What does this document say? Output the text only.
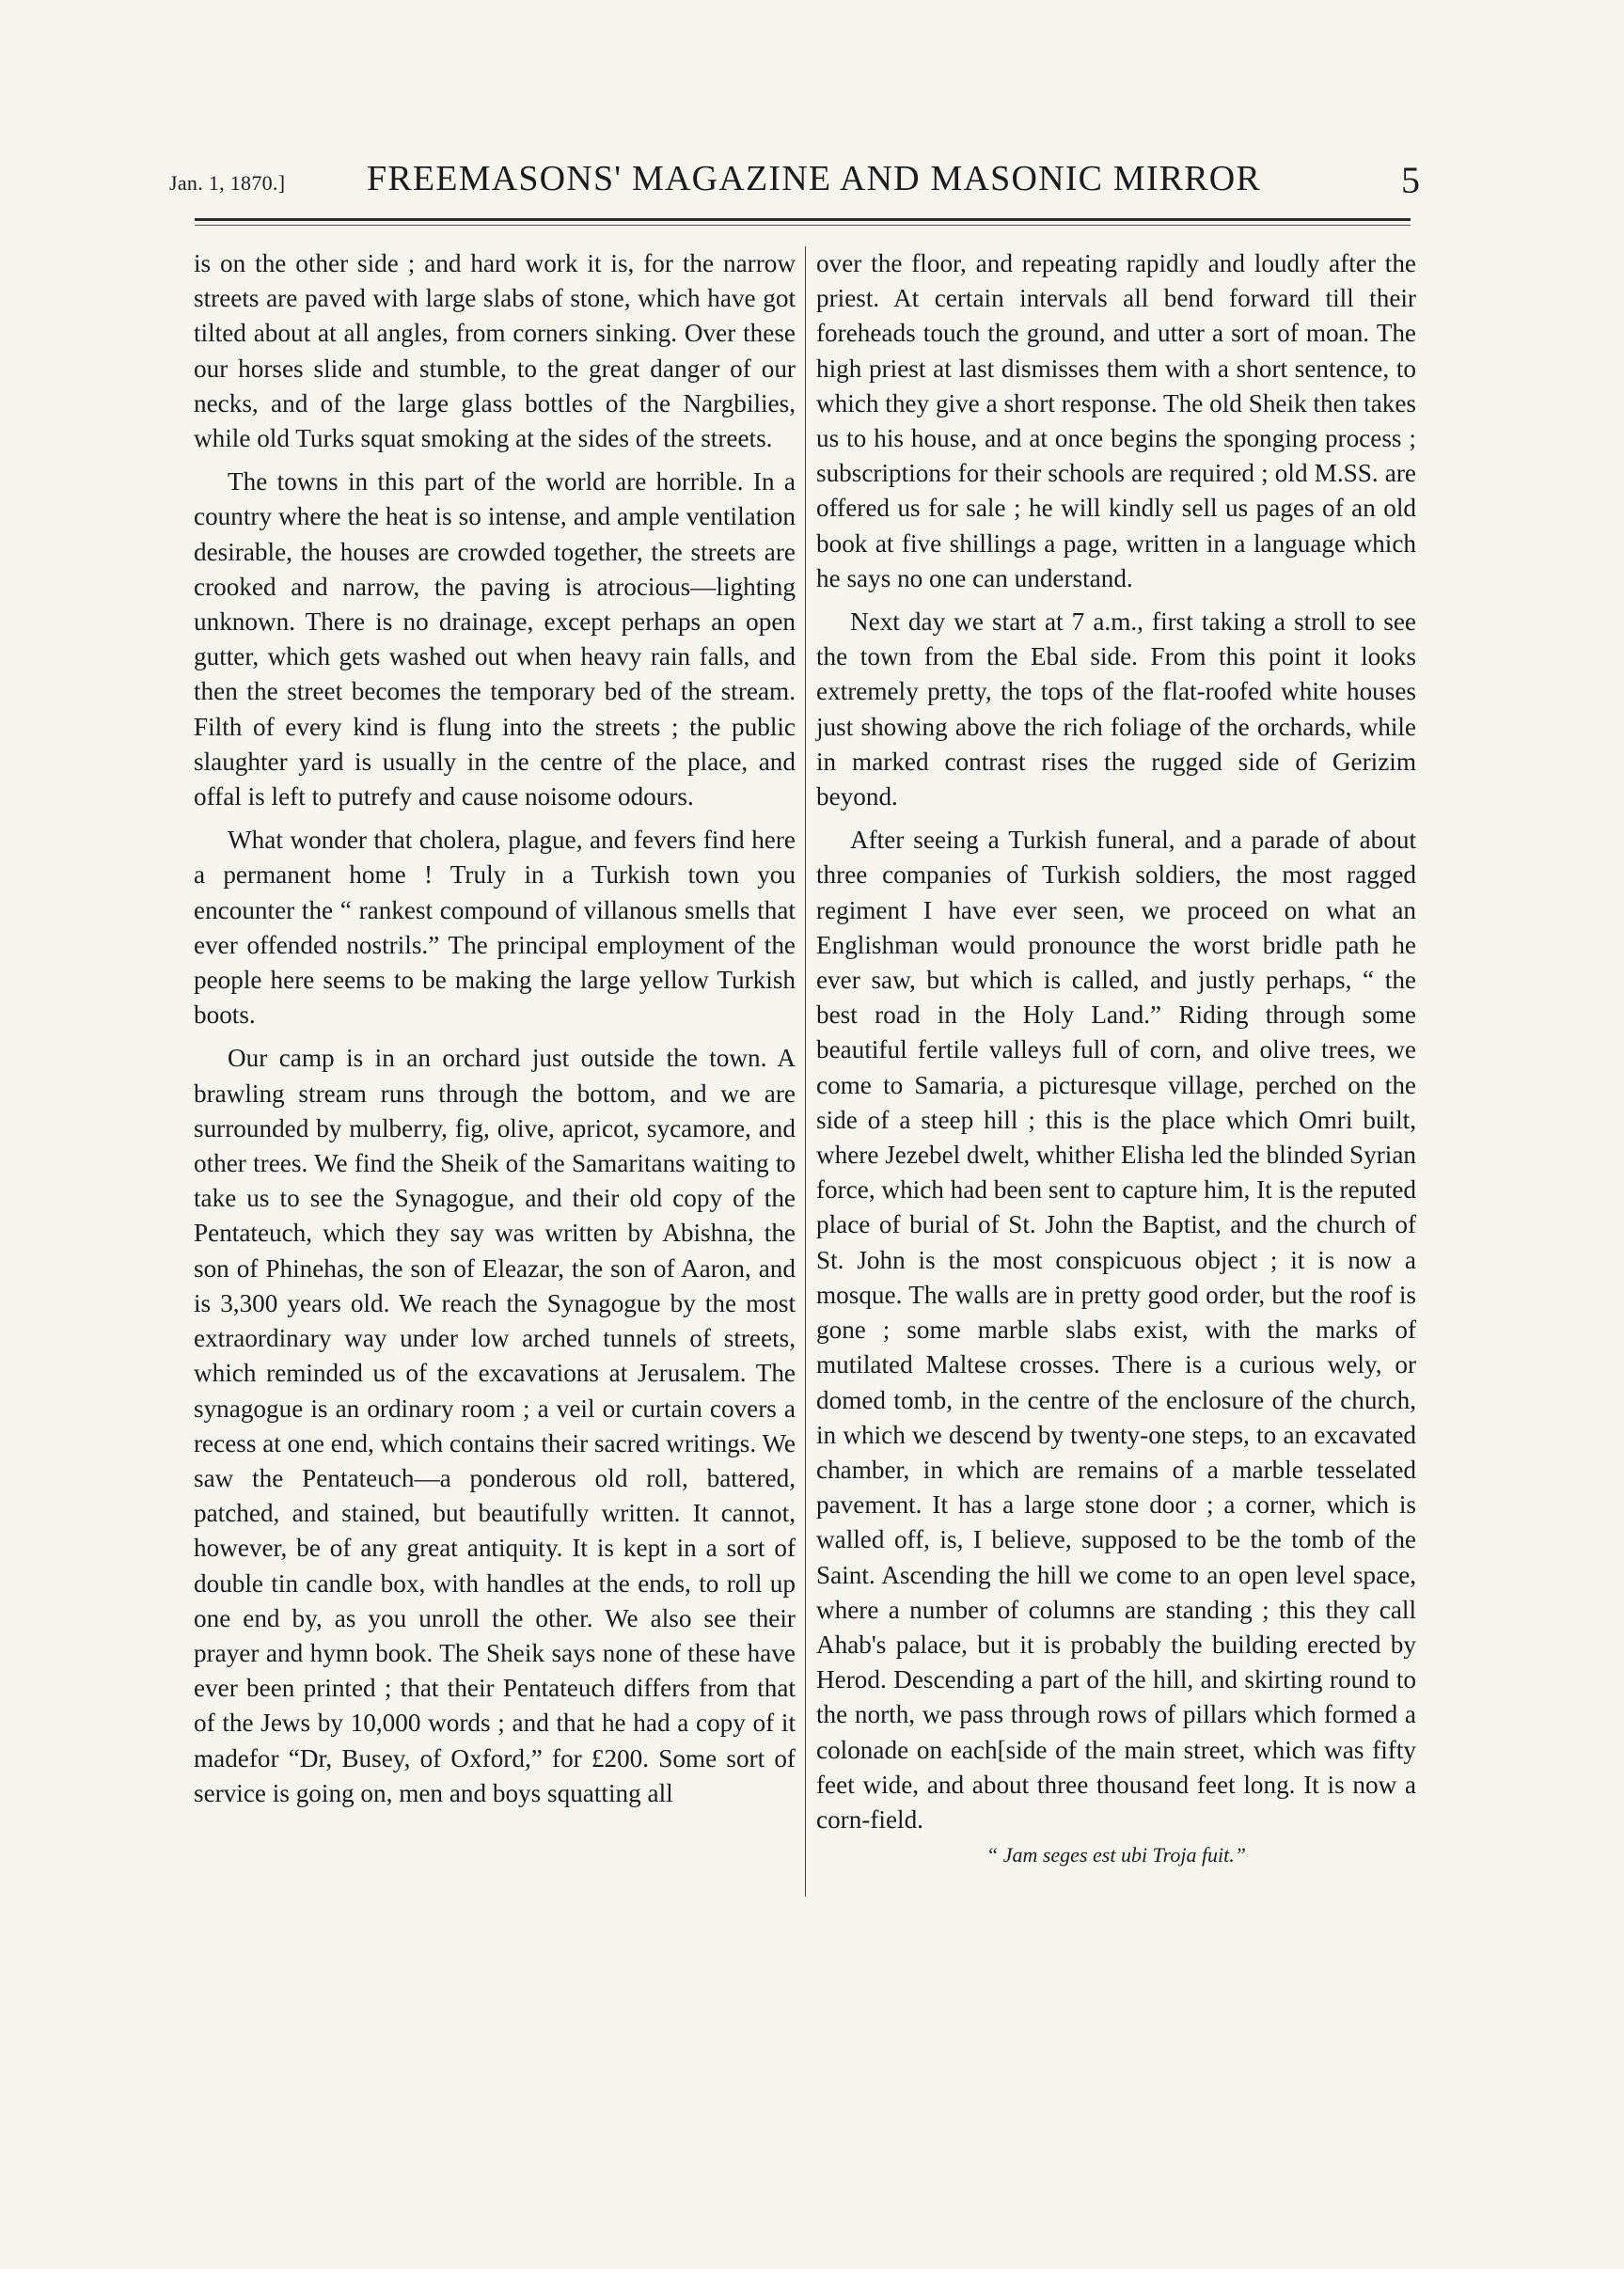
Jan. 1, 1870.] FREEMASONS' MAGAZINE AND MASONIC MIRROR	5

is on the other side ; and hard work it is, for the narrow streets are paved with large slabs of stone, which have got tilted about at all angles, from corners sinking. Over these our horses slide and stumble, to the great danger of our necks, and of the large glass bottles of the Nargbilies, while old Turks squat smoking at the sides of the streets.

The towns in this part of the world are horrible. In a country where the heat is so intense, and ample ventilation desirable, the houses are crowded together, the streets are crooked and narrow, the paving is atrocious—lighting unknown. There is no drainage, except perhaps an open gutter, which gets washed out when heavy rain falls, and then the street becomes the temporary bed of the stream. Filth of every kind is flung into the streets ; the public slaughter yard is usually in the centre of the place, and offal is left to putrefy and cause noisome odours.

What wonder that cholera, plague, and fevers find here a permanent home ! Truly in a Turkish town you encounter the “ rankest compound of villanous smells that ever offended nostrils.” The principal employment of the people here seems to be making the large yellow Turkish boots.

Our camp is in an orchard just outside the town. A brawling stream runs through the bottom, and we are surrounded by mulberry, fig, olive, apricot, sycamore, and other trees. We find the Sheik of the Samaritans waiting to take us to see the Synagogue, and their old copy of the Pentateuch, which they say was written by Abishna, the son of Phinehas, the son of Eleazar, the son of Aaron, and is 3,300 years old. We reach the Synagogue by the most extraordinary way under low arched tunnels of streets, which reminded us of the excavations at Jerusalem. The synagogue is an ordinary room ; a veil or curtain covers a recess at one end, which contains their sacred writings. We saw the Pentateuch—a ponderous old roll, battered, patched, and stained, but beautifully written. It cannot, however, be of any great antiquity. It is kept in a sort of double tin candle box, with handles at the ends, to roll up one end by, as you unroll the other. We also see their prayer and hymn book. The Sheik says none of these have ever been printed ; that their Pentateuch differs from that of the Jews by 10,000 words ; and that he had a copy of it madefor “Dr, Busey, of Oxford,” for £200. Some sort of service is going on, men and boys squatting all

over the floor, and repeating rapidly and loudly after the priest. At certain intervals all bend forward till their foreheads touch the ground, and utter a sort of moan. The high priest at last dismisses them with a short sentence, to which they give a short response. The old Sheik then takes us to his house, and at once begins the sponging process ; subscriptions for their schools are required ; old M.SS. are offered us for sale ; he will kindly sell us pages of an old book at five shillings a page, written in a language which he says no one can understand.

Next day we start at 7 a.m., first taking a stroll to see the town from the Ebal side. From this point it looks extremely pretty, the tops of the flat-roofed white houses just showing above the rich foliage of the orchards, while in marked contrast rises the rugged side of Gerizim beyond.

After seeing a Turkish funeral, and a parade of about three companies of Turkish soldiers, the most ragged regiment I have ever seen, we proceed on what an Englishman would pronounce the worst bridle path he ever saw, but which is called, and justly perhaps, “ the best road in the Holy Land.” Riding through some beautiful fertile valleys full of corn, and olive trees, we come to Samaria, a picturesque village, perched on the side of a steep hill ; this is the place which Omri built, where Jezebel dwelt, whither Elisha led the blinded Syrian force, which had been sent to capture him, It is the reputed place of burial of St. John the Baptist, and the church of St. John is the most conspicuous object ; it is now a mosque. The walls are in pretty good order, but the roof is gone ; some marble slabs exist, with the marks of mutilated Maltese crosses. There is a curious wely, or domed tomb, in the centre of the enclosure of the church, in which we descend by twenty-one steps, to an excavated chamber, in which are remains of a marble tesselated pavement. It has a large stone door ; a corner, which is walled off, is, I believe, supposed to be the tomb of the Saint. Ascending the hill we come to an open level space, where a number of columns are standing ; this they call Ahab's palace, but it is probably the building erected by Herod. Descending a part of the hill, and skirting round to the north, we pass through rows of pillars which formed a colonade on each[side of the main street, which was fifty feet wide, and about three thousand feet long. It is now a corn-field.

“ Jam seges est ubi Troja fuit.”
